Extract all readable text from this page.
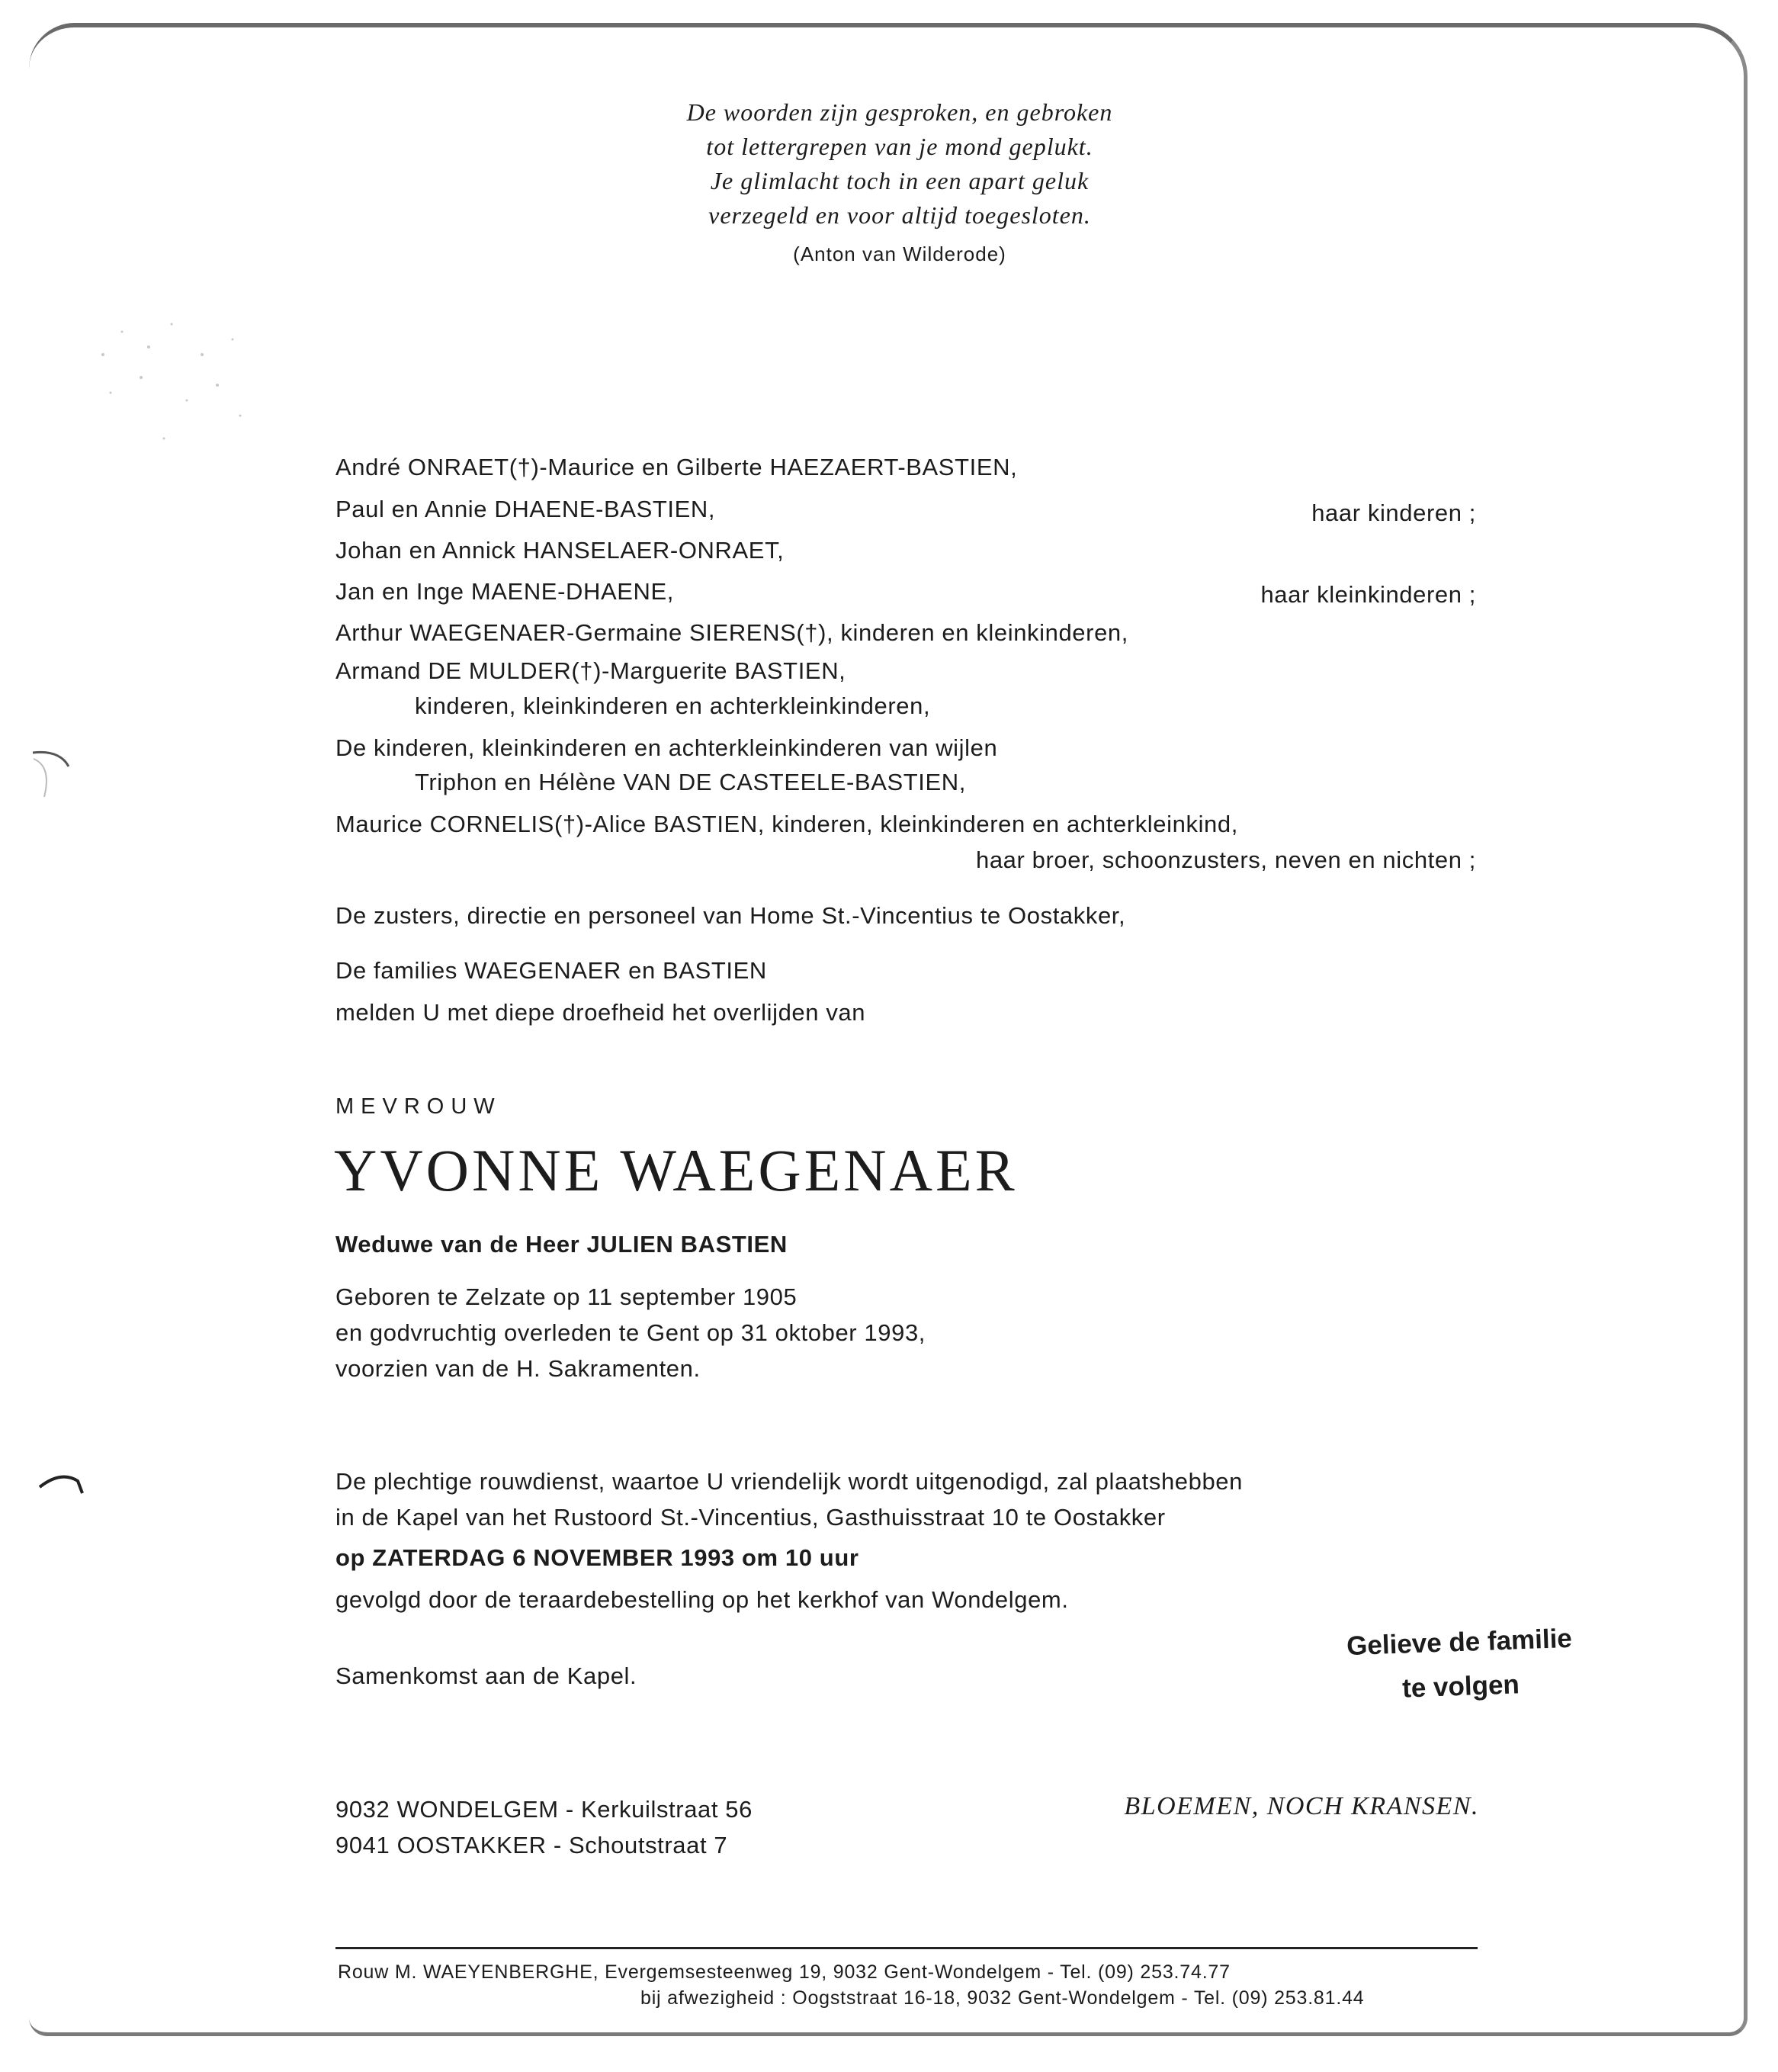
De woorden zijn gesproken, en gebroken
tot lettergrepen van je mond geplukt.
Je glimlacht toch in een apart geluk
verzegeld en voor altijd toegesloten.
(Anton van Wilderode)
André ONRAET(†)-Maurice en Gilberte HAEZAERT-BASTIEN,
Paul en Annie DHAENE-BASTIEN,	haar kinderen ;
Johan en Annick HANSELAER-ONRAET,
Jan en Inge MAENE-DHAENE,	haar kleinkinderen ;
Arthur WAEGENAER-Germaine SIERENS(†), kinderen en kleinkinderen,
Armand DE MULDER(†)-Marguerite BASTIEN,
kinderen, kleinkinderen en achterkleinkinderen,
De kinderen, kleinkinderen en achterkleinkinderen van wijlen
Triphon en Hélène VAN DE CASTEELE-BASTIEN,
Maurice CORNELIS(†)-Alice BASTIEN, kinderen, kleinkinderen en achterkleinkind,
haar broer, schoonzusters, neven en nichten ;
De zusters, directie en personeel van Home St.-Vincentius te Oostakker,
De families WAEGENAER en BASTIEN
melden U met diepe droefheid het overlijden van
MEVROUW
YVONNE WAEGENAER
Weduwe van de Heer JULIEN BASTIEN
Geboren te Zelzate op 11 september 1905
en godvruchtig overleden te Gent op 31 oktober 1993,
voorzien van de H. Sakramenten.
De plechtige rouwdienst, waartoe U vriendelijk wordt uitgenodigd, zal plaatshebben
in de Kapel van het Rustoord St.-Vincentius, Gasthuisstraat 10 te Oostakker
op ZATERDAG 6 NOVEMBER 1993 om 10 uur
gevolgd door de teraardebestelling op het kerkhof van Wondelgem.
Samenkomst aan de Kapel.
Gelieve de familie
te volgen
9032 WONDELGEM - Kerkuilstraat 56
9041 OOSTAKKER - Schoutstraat 7
BLOEMEN, NOCH KRANSEN.
Rouw M. WAEYENBERGHE, Evergemsesteenweg 19, 9032 Gent-Wondelgem - Tel. (09) 253.74.77
bij afwezigheid : Oogststraat 16-18, 9032 Gent-Wondelgem - Tel. (09) 253.81.44
